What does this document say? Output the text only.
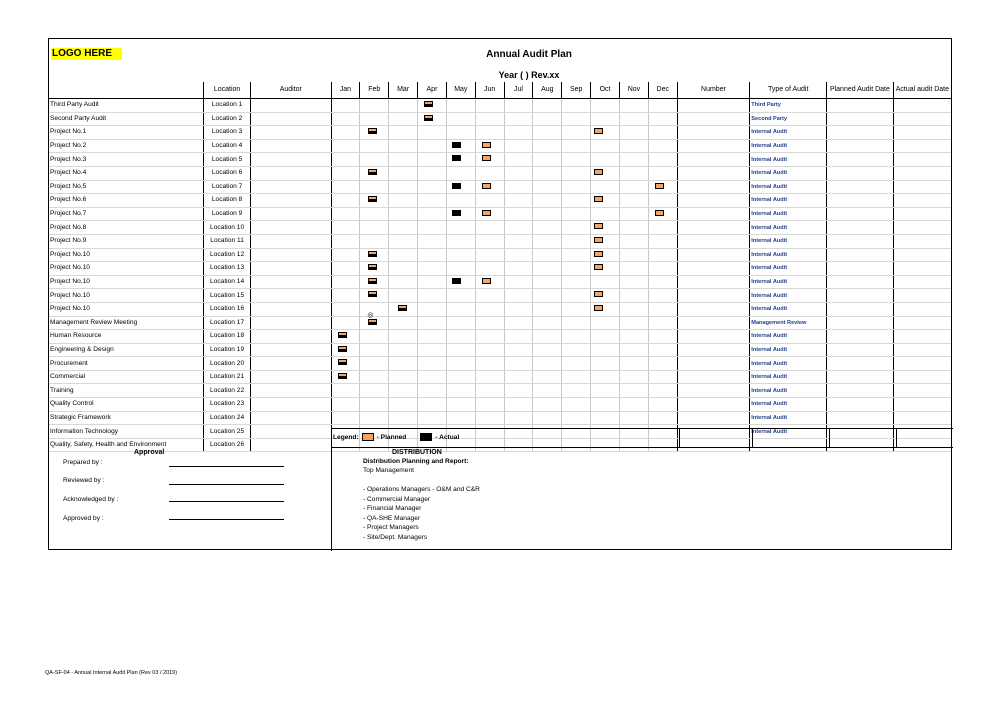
LOGO HERE	Annual Audit Plan
Year ( ) Rev.xx
	Location	Auditor	Jan	Feb	Mar	Apr	May	Jun	Jul	Aug	Sep	Oct	Nov	Dec	Number	Type of Audit	Planned Audit Date	Actual audit Date
Third Party Audit	Location 1															Third Party		
Second Party Audit	Location 2															Second Party		
Project No.1	Location 3															Internal Audit		
Project No.2	Location 4															Internal Audit		
Project No.3	Location 5															Internal Audit		
Project No.4	Location 6															Internal Audit		
Project No.5	Location 7															Internal Audit		
Project No.6	Location 8															Internal Audit		
Project No.7	Location 9															Internal Audit		
Project No.8	Location 10															Internal Audit		
Project No.9	Location 11															Internal Audit		
Project No.10	Location 12															Internal Audit		
Project No.10	Location 13															Internal Audit		
Project No.10	Location 14															Internal Audit		
Project No.10	Location 15															Internal Audit		
Project No.10	Location 16															Internal Audit		
Management Review Meeting	Location 17			◎												Management Review		
Human Resource	Location 18															Internal Audit		
Engineering & Design	Location 19															Internal Audit		
Procurement	Location 20															Internal Audit		
Commercial	Location 21															Internal Audit		
Training	Location 22															Internal Audit		
Quality Control	Location 23															Internal Audit		
Strategic Framework	Location 24															Internal Audit		
Information Technology	Location 25															Internal Audit		
Quality, Safety, Health and Environment	Location 26																	
Legend:	- Planned	- Actual
Approval
Prepared by :
Reviewed by :
Acknowledged by :
Approved by :
DISTRIBUTION
Distribution Planning and Report:
Top Management
- Operations Managers - O&M and C&R
- Commercial Manager
- Financial Manager
- QA-SHE Manager
- Project Managers
- Site/Dept. Managers
QA-SF-04 - Annual Internal Audit Plan (Rev 03 / 2019)
